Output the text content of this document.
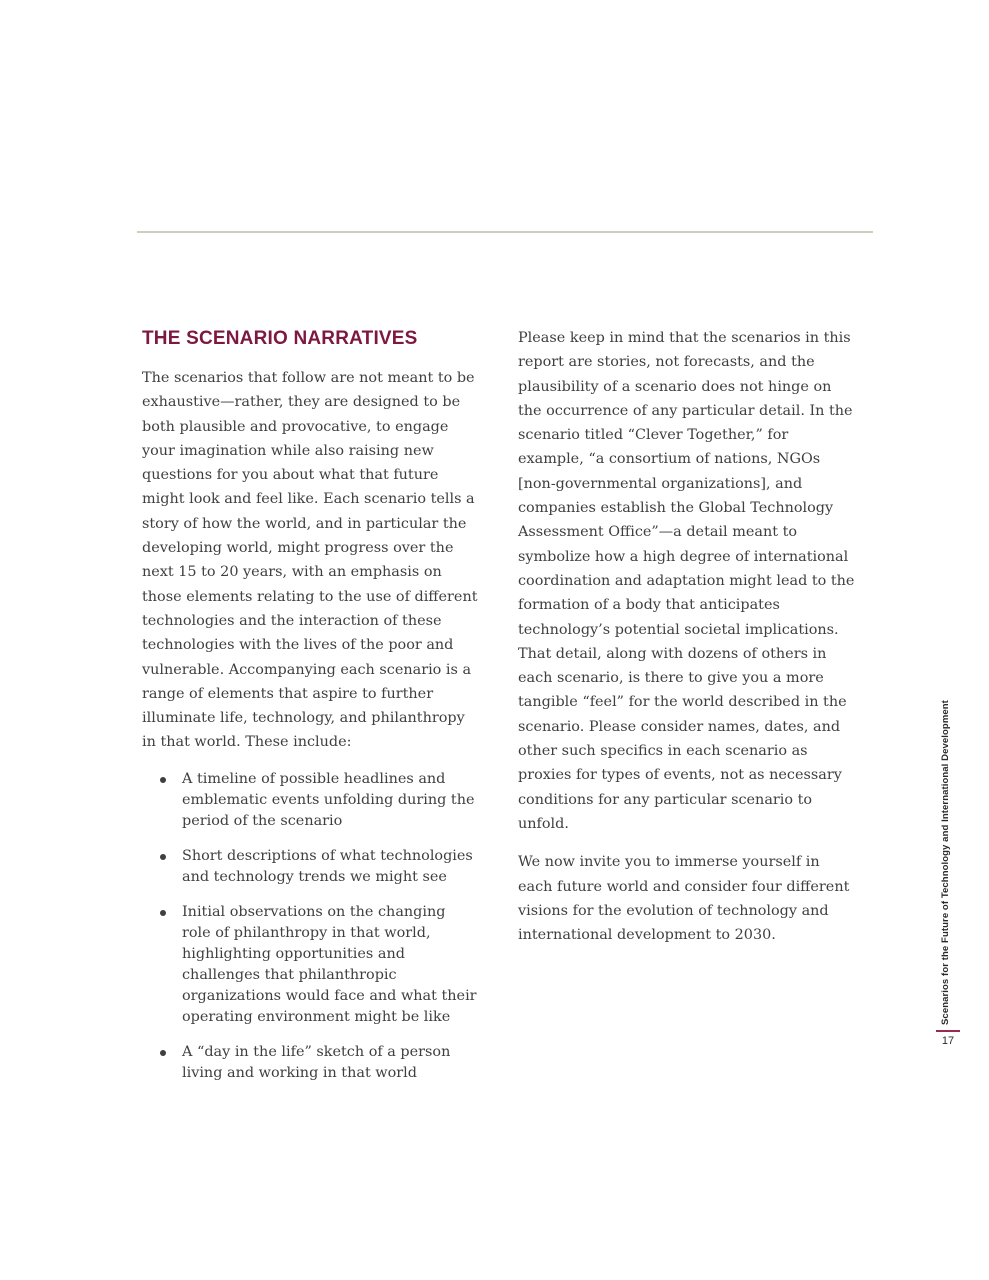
THE SCENARIO NARRATIVES

The scenarios that follow are not meant to be exhaustive—rather, they are designed to be both plausible and provocative, to engage your imagination while also raising new questions for you about what that future might look and feel like. Each scenario tells a story of how the world, and in particular the developing world, might progress over the next 15 to 20 years, with an emphasis on those elements relating to the use of different technologies and the interaction of these technologies with the lives of the poor and vulnerable. Accompanying each scenario is a range of elements that aspire to further illuminate life, technology, and philanthropy in that world. These include:

A timeline of possible headlines and emblematic events unfolding during the period of the scenario
Short descriptions of what technologies and technology trends we might see
Initial observations on the changing role of philanthropy in that world, highlighting opportunities and challenges that philanthropic organizations would face and what their operating environment might be like
A “day in the life” sketch of a person living and working in that world

Please keep in mind that the scenarios in this report are stories, not forecasts, and the plausibility of a scenario does not hinge on the occurrence of any particular detail. In the scenario titled “Clever Together,” for example, “a consortium of nations, NGOs [non-governmental organizations], and companies establish the Global Technology Assessment Office”—a detail meant to symbolize how a high degree of international coordination and adaptation might lead to the formation of a body that anticipates technology’s potential societal implications. That detail, along with dozens of others in each scenario, is there to give you a more tangible “feel” for the world described in the scenario. Please consider names, dates, and other such specifics in each scenario as proxies for types of events, not as necessary conditions for any particular scenario to unfold.

We now invite you to immerse yourself in each future world and consider four different visions for the evolution of technology and international development to 2030.	Scenarios for the Future of Technology and International Development
17
